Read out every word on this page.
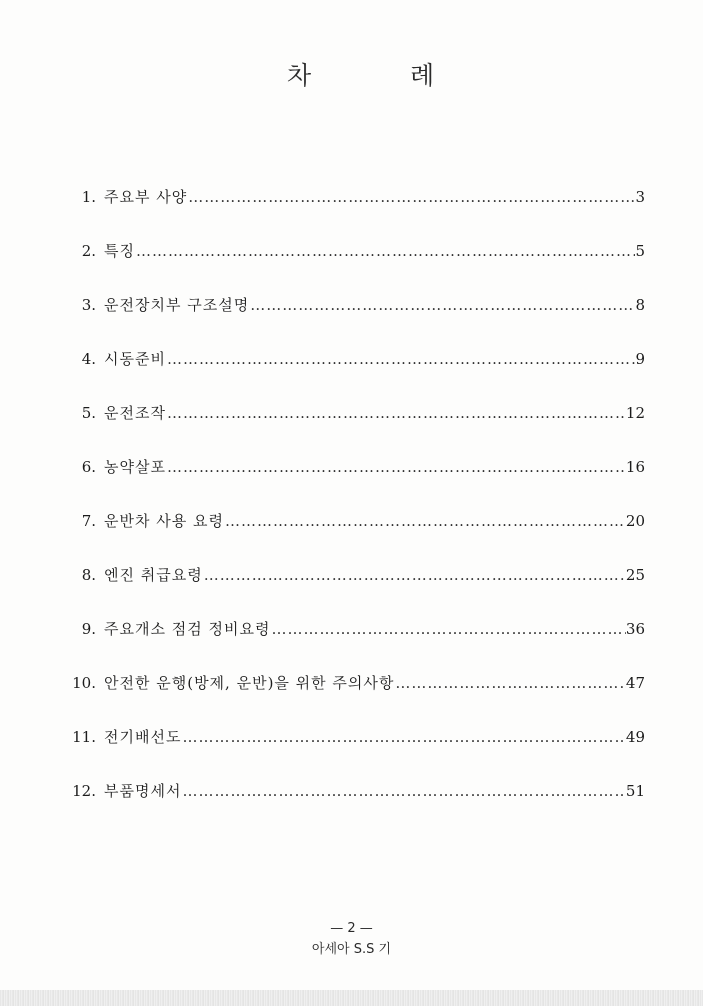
차	례
1. 주요부 사양 …………………………………………………………………………………………………………………………………………	3
2. 특징 …………………………………………………………………………………………………………………………………………	5
3. 운전장치부 구조설명 …………………………………………………………………………………………………………………………………………	8
4. 시동준비 …………………………………………………………………………………………………………………………………………	9
5. 운전조작 …………………………………………………………………………………………………………………………………………	12
6. 농약살포 …………………………………………………………………………………………………………………………………………	16
7. 운반차 사용 요령 …………………………………………………………………………………………………………………………………………	20
8. 엔진 취급요령 …………………………………………………………………………………………………………………………………………	25
9. 주요개소 점검 정비요령 …………………………………………………………………………………………………………………………………………	36
10. 안전한 운행(방제, 운반)을 위한 주의사항 …………………………………………………………………………………………………………………………………………	47
11. 전기배선도 …………………………………………………………………………………………………………………………………………	49
12. 부품명세서 …………………………………………………………………………………………………………………………………………	51
— 2 —
아세아 S.S 기
